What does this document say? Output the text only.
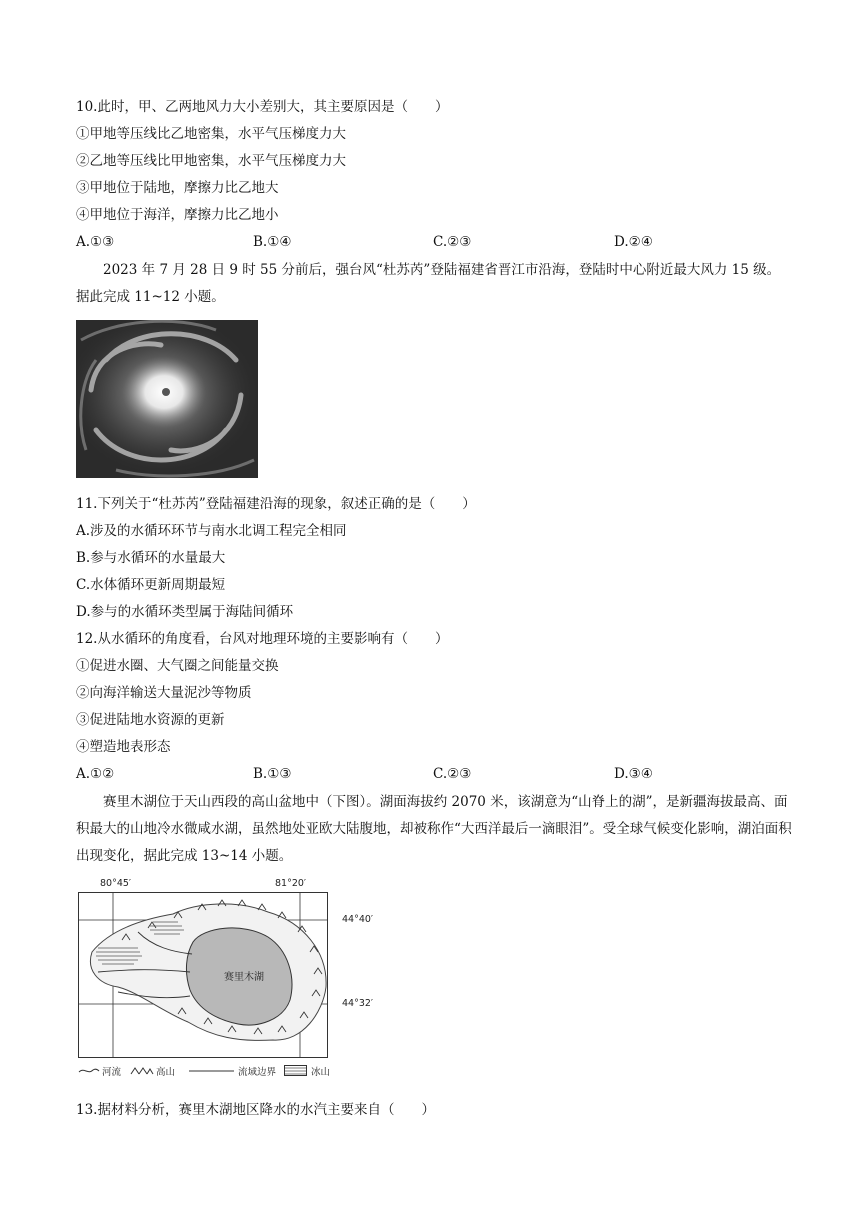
10.此时，甲、乙两地风力大小差别大，其主要原因是（　　）
①甲地等压线比乙地密集，水平气压梯度力大
②乙地等压线比甲地密集，水平气压梯度力大
③甲地位于陆地，摩擦力比乙地大
④甲地位于海洋，摩擦力比乙地小
A.①③	B.①④	C.②③	D.②④
2023 年 7 月 28 日 9 时 55 分前后，强台风“杜苏芮”登陆福建省晋江市沿海，登陆时中心附近最大风力 15 级。据此完成 11~12 小题。
11.下列关于“杜苏芮”登陆福建沿海的现象，叙述正确的是（　　）
A.涉及的水循环环节与南水北调工程完全相同
B.参与水循环的水量最大
C.水体循环更新周期最短
D.参与的水循环类型属于海陆间循环
12.从水循环的角度看，台风对地理环境的主要影响有（　　）
①促进水圈、大气圈之间能量交换
②向海洋输送大量泥沙等物质
③促进陆地水资源的更新
④塑造地表形态
A.①②	B.①③	C.②③	D.③④
赛里木湖位于天山西段的高山盆地中（下图）。湖面海拔约 2070 米，该湖意为“山脊上的湖”，是新疆海拔最高、面积最大的山地冷水微咸水湖，虽然地处亚欧大陆腹地，却被称作“大西洋最后一滴眼泪”。受全球气候变化影响，湖泊面积出现变化，据此完成 13~14 小题。
80°45′	81°20′
赛里木湖
44°40′
44°32′
河流	高山	流域边界	冰山
13.据材料分析，赛里木湖地区降水的水汽主要来自（　　）
